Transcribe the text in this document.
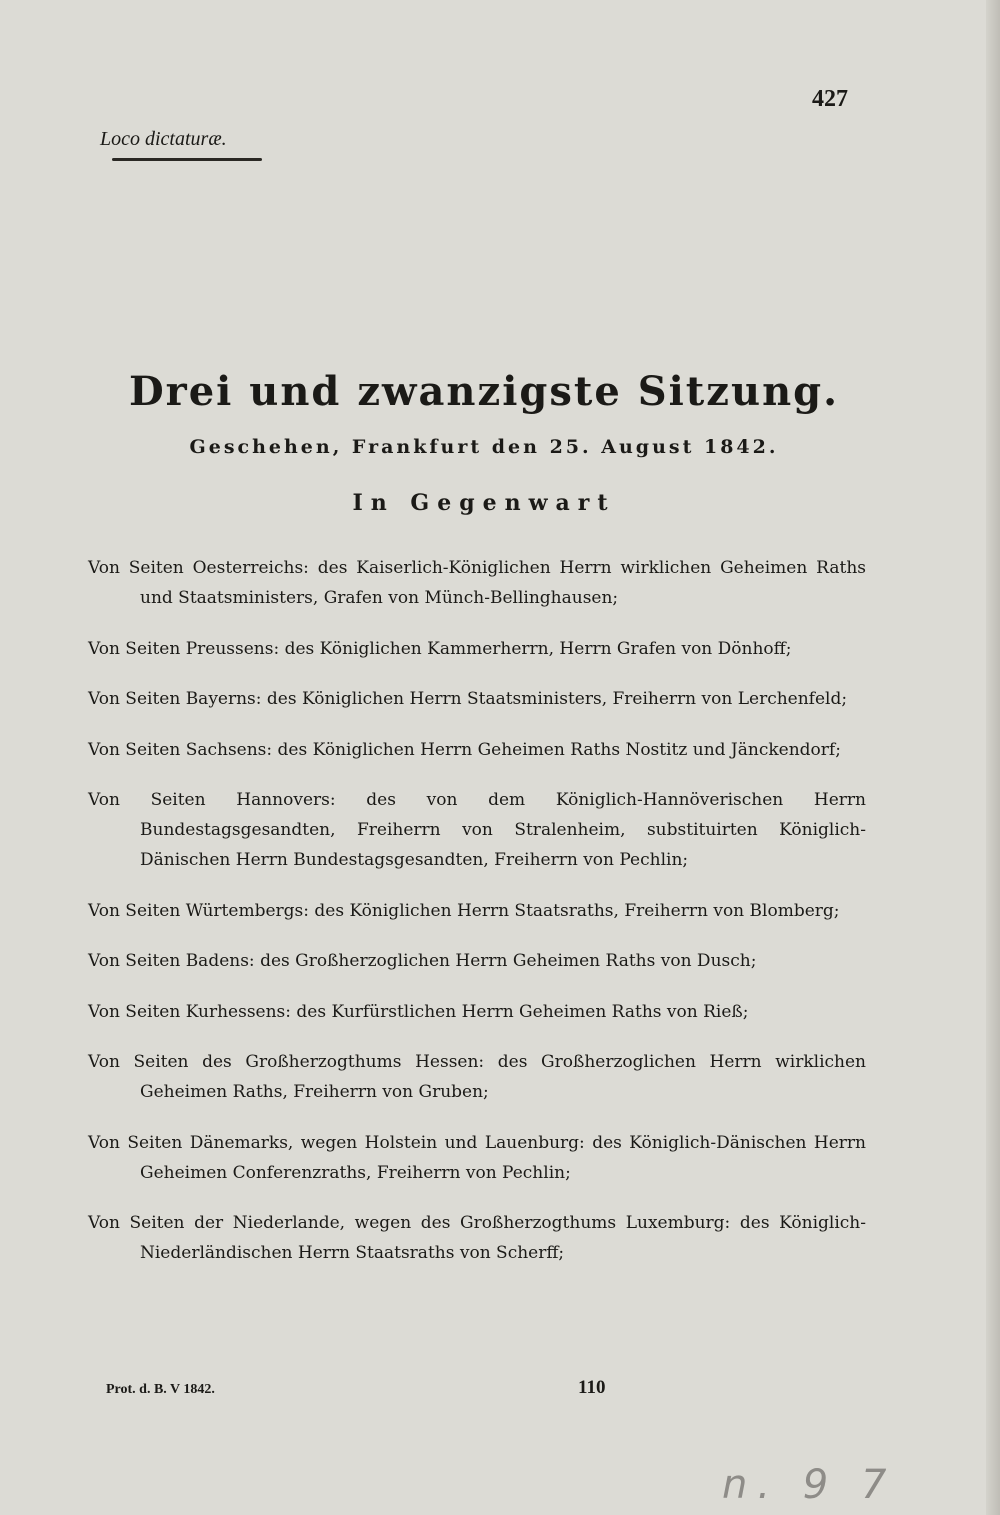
427
Loco dictaturæ.
Drei und zwanzigste Sitzung.
Geschehen, Frankfurt den 25. August 1842.
In Gegenwart
Von Seiten Oesterreichs: des Kaiserlich-Königlichen Herrn wirklichen Geheimen Raths und Staatsministers, Grafen von Münch-Bellinghausen;
Von Seiten Preussens: des Königlichen Kammerherrn, Herrn Grafen von Dönhoff;
Von Seiten Bayerns: des Königlichen Herrn Staatsministers, Freiherrn von Lerchenfeld;
Von Seiten Sachsens: des Königlichen Herrn Geheimen Raths Nostitz und Jänckendorf;
Von Seiten Hannovers: des von dem Königlich-Hannöverischen Herrn Bundestagsgesandten, Freiherrn von Stralenheim, substituirten Königlich-Dänischen Herrn Bundestagsgesandten, Freiherrn von Pechlin;
Von Seiten Würtembergs: des Königlichen Herrn Staatsraths, Freiherrn von Blomberg;
Von Seiten Badens: des Großherzoglichen Herrn Geheimen Raths von Dusch;
Von Seiten Kurhessens: des Kurfürstlichen Herrn Geheimen Raths von Rieß;
Von Seiten des Großherzogthums Hessen: des Großherzoglichen Herrn wirklichen Geheimen Raths, Freiherrn von Gruben;
Von Seiten Dänemarks, wegen Holstein und Lauenburg: des Königlich-Dänischen Herrn Geheimen Conferenzraths, Freiherrn von Pechlin;
Von Seiten der Niederlande, wegen des Großherzogthums Luxemburg: des Königlich-Niederländischen Herrn Staatsraths von Scherff;
Prot. d. B. V 1842.	110
n. 9 7
